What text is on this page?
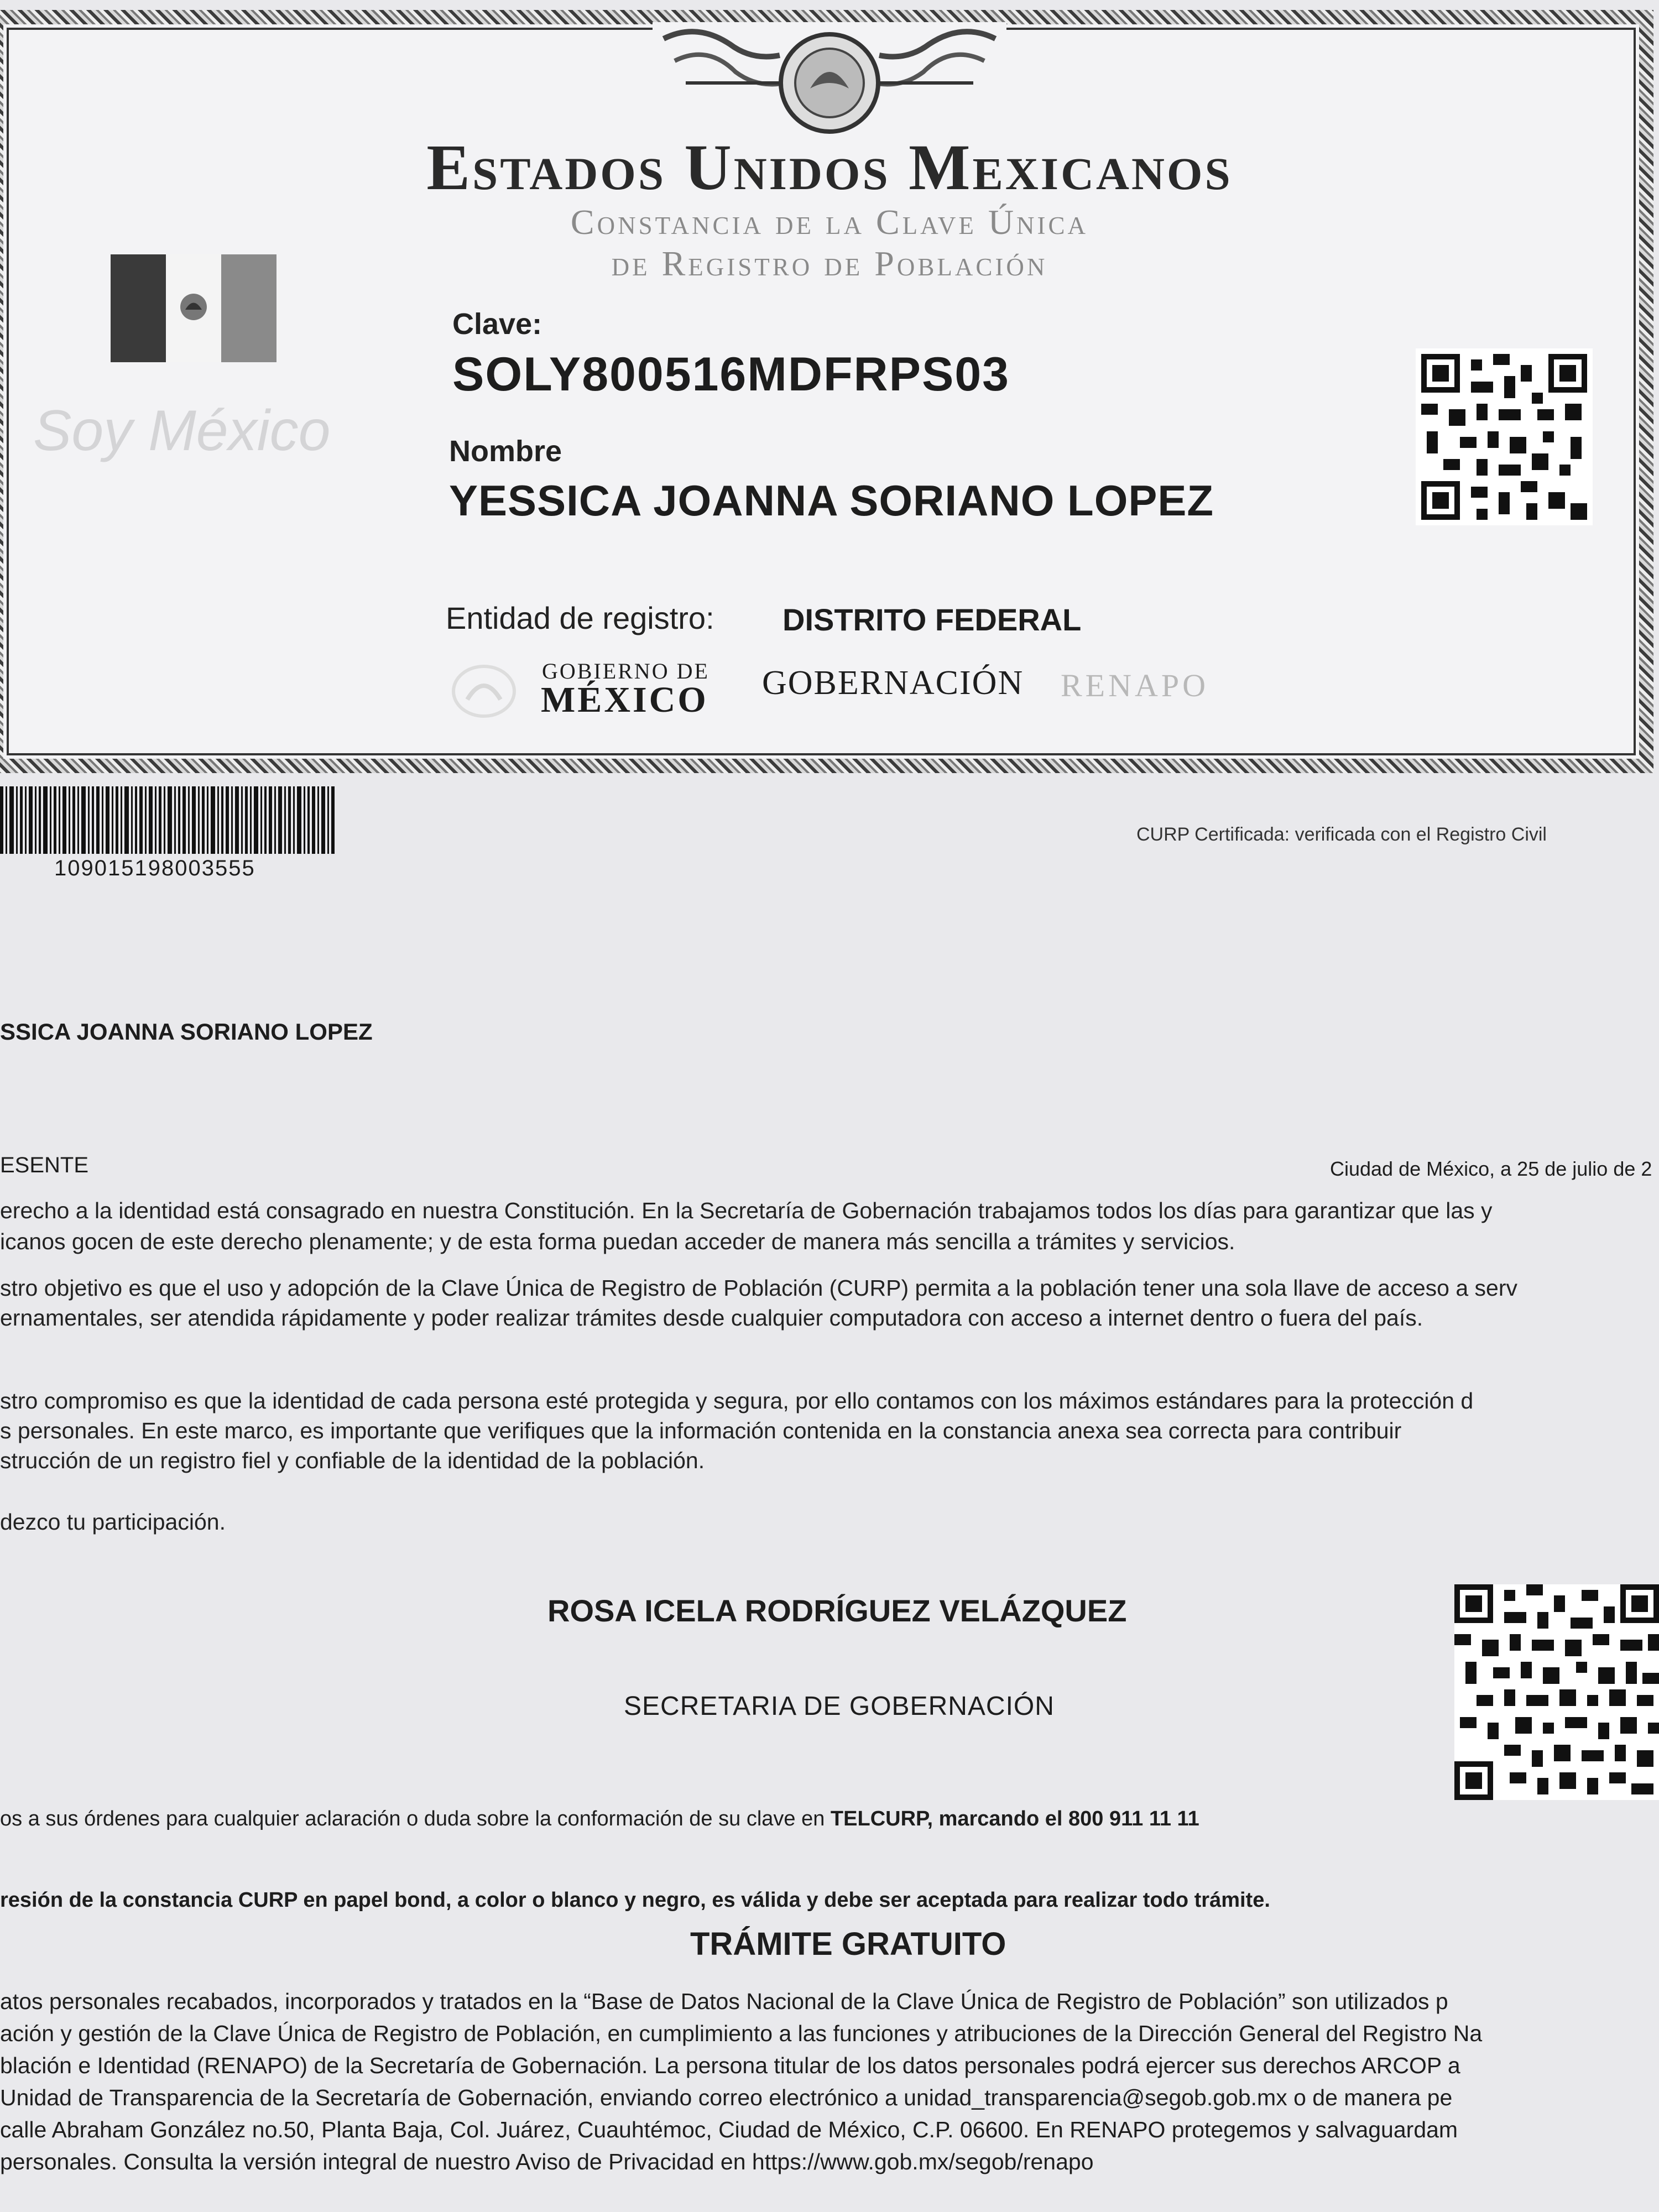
Estados Unidos Mexicanos
Constancia de la Clave Única
de Registro de Población
Soy México
Clave:
SOLY800516MDFRPS03
Nombre
YESSICA JOANNA SORIANO LOPEZ
Entidad de registro: DISTRITO FEDERAL
GOBIERNO DE
MÉXICO GOBERNACIÓN RENAPO
109015198003555
CURP Certificada: verificada con el Registro Civil
SSICA JOANNA SORIANO LOPEZ
ESENTE	Ciudad de México, a 25 de julio de 2
erecho a la identidad está consagrado en nuestra Constitución. En la Secretaría de Gobernación trabajamos todos los días para garantizar que las y
icanos gocen de este derecho plenamente; y de esta forma puedan acceder de manera más sencilla a trámites y servicios.
stro objetivo es que el uso y adopción de la Clave Única de Registro de Población (CURP) permita a la población tener una sola llave de acceso a serv
ernamentales, ser atendida rápidamente y poder realizar trámites desde cualquier computadora con acceso a internet dentro o fuera del país.
stro compromiso es que la identidad de cada persona esté protegida y segura, por ello contamos con los máximos estándares para la protección d
s personales. En este marco, es importante que verifiques que la información contenida en la constancia anexa sea correcta para contribuir
strucción de un registro fiel y confiable de la identidad de la población.
dezco tu participación.
ROSA ICELA RODRÍGUEZ VELÁZQUEZ
SECRETARIA DE GOBERNACIÓN
os a sus órdenes para cualquier aclaración o duda sobre la conformación de su clave en TELCURP, marcando el 800 911 11 11
resión de la constancia CURP en papel bond, a color o blanco y negro, es válida y debe ser aceptada para realizar todo trámite.
TRÁMITE GRATUITO
atos personales recabados, incorporados y tratados en la “Base de Datos Nacional de la Clave Única de Registro de Población” son utilizados p
ación y gestión de la Clave Única de Registro de Población, en cumplimiento a las funciones y atribuciones de la Dirección General del Registro Na
blación e Identidad (RENAPO) de la Secretaría de Gobernación. La persona titular de los datos personales podrá ejercer sus derechos ARCOP a
Unidad de Transparencia de la Secretaría de Gobernación, enviando correo electrónico a unidad_transparencia@segob.gob.mx o de manera pe
calle Abraham González no.50, Planta Baja, Col. Juárez, Cuauhtémoc, Ciudad de México, C.P. 06600. En RENAPO protegemos y salvaguardam
personales. Consulta la versión integral de nuestro Aviso de Privacidad en https://www.gob.mx/segob/renapo
